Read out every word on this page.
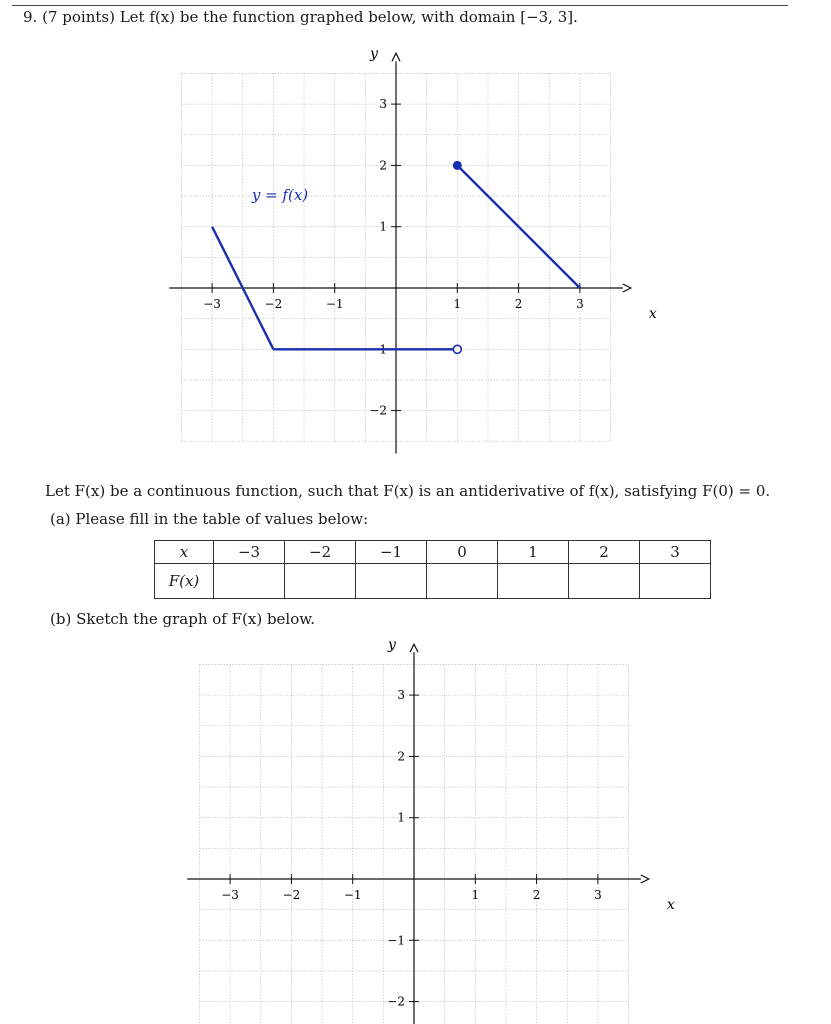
9. (7 points) Let f(x) be the function graphed below, with domain [−3, 3].
−3	−2	−1	1	2	3
3
2
1
−1
−2
y
x
y = f(x)
Let F(x) be a continuous function, such that F(x) is an antiderivative of f(x), satisfying F(0) = 0.
(a) Please fill in the table of values below:
x	−3	−2	−1	0	1	2	3
F(x)							
(b) Sketch the graph of F(x) below.
−3	−2	−1	1	2	3
3
2
1
−1
−2
y
x
